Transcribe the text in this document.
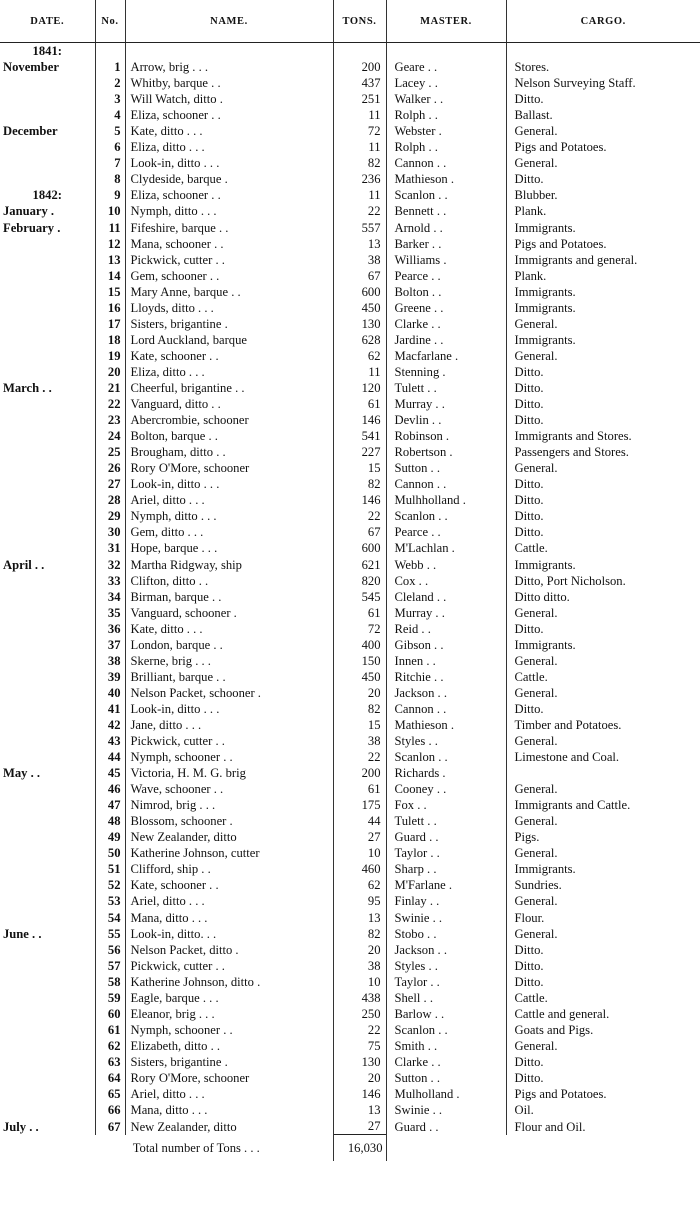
DATE.	No.	NAME.	TONS.	MASTER.	CARGO.
1841:					
November	1	Arrow, brig . . .	200	Geare . .	Stores.
	2	Whitby, barque . .	437	Lacey . .	Nelson Surveying Staff.
	3	Will Watch, ditto .	251	Walker . .	Ditto.
	4	Eliza, schooner . .	11	Rolph . .	Ballast.
December	5	Kate, ditto . . .	72	Webster .	General.
	6	Eliza, ditto . . .	11	Rolph . .	Pigs and Potatoes.
	7	Look-in, ditto . . .	82	Cannon . .	General.
	8	Clydeside, barque .	236	Mathieson .	Ditto.
1842:	9	Eliza, schooner . .	11	Scanlon . .	Blubber.
January .	10	Nymph, ditto . . .	22	Bennett . .	Plank.
February .	11	Fifeshire, barque . .	557	Arnold . .	Immigrants.
	12	Mana, schooner . .	13	Barker . .	Pigs and Potatoes.
	13	Pickwick, cutter . .	38	Williams .	Immigrants and general.
	14	Gem, schooner . .	67	Pearce . .	Plank.
	15	Mary Anne, barque . .	600	Bolton . .	Immigrants.
	16	Lloyds, ditto . . .	450	Greene . .	Immigrants.
	17	Sisters, brigantine .	130	Clarke . .	General.
	18	Lord Auckland, barque	628	Jardine . .	Immigrants.
	19	Kate, schooner . .	62	Macfarlane .	General.
	20	Eliza, ditto . . .	11	Stenning .	Ditto.
March . .	21	Cheerful, brigantine . .	120	Tulett . .	Ditto.
	22	Vanguard, ditto . .	61	Murray . .	Ditto.
	23	Abercrombie, schooner	146	Devlin . .	Ditto.
	24	Bolton, barque . .	541	Robinson .	Immigrants and Stores.
	25	Brougham, ditto . .	227	Robertson .	Passengers and Stores.
	26	Rory O'More, schooner	15	Sutton . .	General.
	27	Look-in, ditto . . .	82	Cannon . .	Ditto.
	28	Ariel, ditto . . .	146	Mulhholland .	Ditto.
	29	Nymph, ditto . . .	22	Scanlon . .	Ditto.
	30	Gem, ditto . . .	67	Pearce . .	Ditto.
	31	Hope, barque . . .	600	M'Lachlan .	Cattle.
April . .	32	Martha Ridgway, ship	621	Webb . .	Immigrants.
	33	Clifton, ditto . .	820	Cox . .	Ditto, Port Nicholson.
	34	Birman, barque . .	545	Cleland . .	Ditto ditto.
	35	Vanguard, schooner .	61	Murray . .	General.
	36	Kate, ditto . . .	72	Reid . .	Ditto.
	37	London, barque . .	400	Gibson . .	Immigrants.
	38	Skerne, brig . . .	150	Innen . .	General.
	39	Brilliant, barque . .	450	Ritchie . .	Cattle.
	40	Nelson Packet, schooner .	20	Jackson . .	General.
	41	Look-in, ditto . . .	82	Cannon . .	Ditto.
	42	Jane, ditto . . .	15	Mathieson .	Timber and Potatoes.
	43	Pickwick, cutter . .	38	Styles . .	General.
	44	Nymph, schooner . .	22	Scanlon . .	Limestone and Coal.
May . .	45	Victoria, H. M. G. brig	200	Richards .	
	46	Wave, schooner . .	61	Cooney . .	General.
	47	Nimrod, brig . . .	175	Fox . .	Immigrants and Cattle.
	48	Blossom, schooner .	44	Tulett . .	General.
	49	New Zealander, ditto	27	Guard . .	Pigs.
	50	Katherine Johnson, cutter	10	Taylor . .	General.
	51	Clifford, ship . .	460	Sharp . .	Immigrants.
	52	Kate, schooner . .	62	M'Farlane .	Sundries.
	53	Ariel, ditto . . .	95	Finlay . .	General.
	54	Mana, ditto . . .	13	Swinie . .	Flour.
June . .	55	Look-in, ditto. . .	82	Stobo . .	General.
	56	Nelson Packet, ditto .	20	Jackson . .	Ditto.
	57	Pickwick, cutter . .	38	Styles . .	Ditto.
	58	Katherine Johnson, ditto .	10	Taylor . .	Ditto.
	59	Eagle, barque . . .	438	Shell . .	Cattle.
	60	Eleanor, brig . . .	250	Barlow . .	Cattle and general.
	61	Nymph, schooner . .	22	Scanlon . .	Goats and Pigs.
	62	Elizabeth, ditto . .	75	Smith . .	General.
	63	Sisters, brigantine .	130	Clarke . .	Ditto.
	64	Rory O'More, schooner	20	Sutton . .	Ditto.
	65	Ariel, ditto . . .	146	Mulholland .	Pigs and Potatoes.
	66	Mana, ditto . . .	13	Swinie . .	Oil.
July . .	67	New Zealander, ditto	27	Guard . .	Flour and Oil.
Total number of Tons . . .			16,030		
